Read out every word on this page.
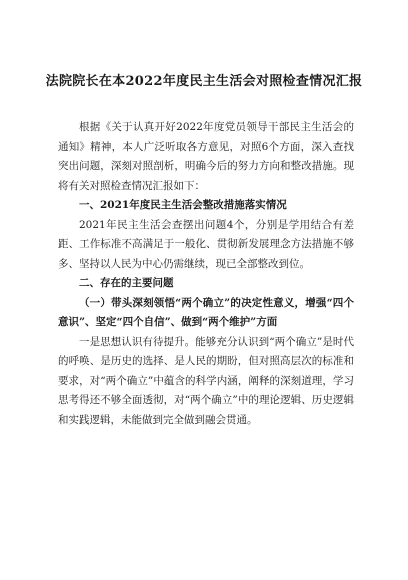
法院院长在本2022年度民主生活会对照检查情况汇报

根据《关于认真开好2022年度党员领导干部民主生活会的通知》精神，本人广泛听取各方意见，对照6个方面，深入查找突出问题，深刻对照剖析，明确今后的努力方向和整改措施。现将有关对照检查情况汇报如下：

一、2021年度民主生活会整改措施落实情况

2021年民主生活会查摆出问题4个，分别是学用结合有差距、工作标准不高满足于一般化、贯彻新发展理念方法措施不够多、坚持以人民为中心仍需继续，现已全部整改到位。

二、存在的主要问题

（一）带头深刻领悟“两个确立”的决定性意义，增强“四个意识”、坚定“四个自信”、做到“两个维护”方面

一是思想认识有待提升。能够充分认识到“两个确立”是时代的呼唤、是历史的选择、是人民的期盼，但对照高层次的标准和要求，对“两个确立”中蕴含的科学内涵，阐释的深刻道理，学习思考得还不够全面透彻，对“两个确立”中的理论逻辑、历史逻辑和实践逻辑，未能做到完全做到融会贯通。
